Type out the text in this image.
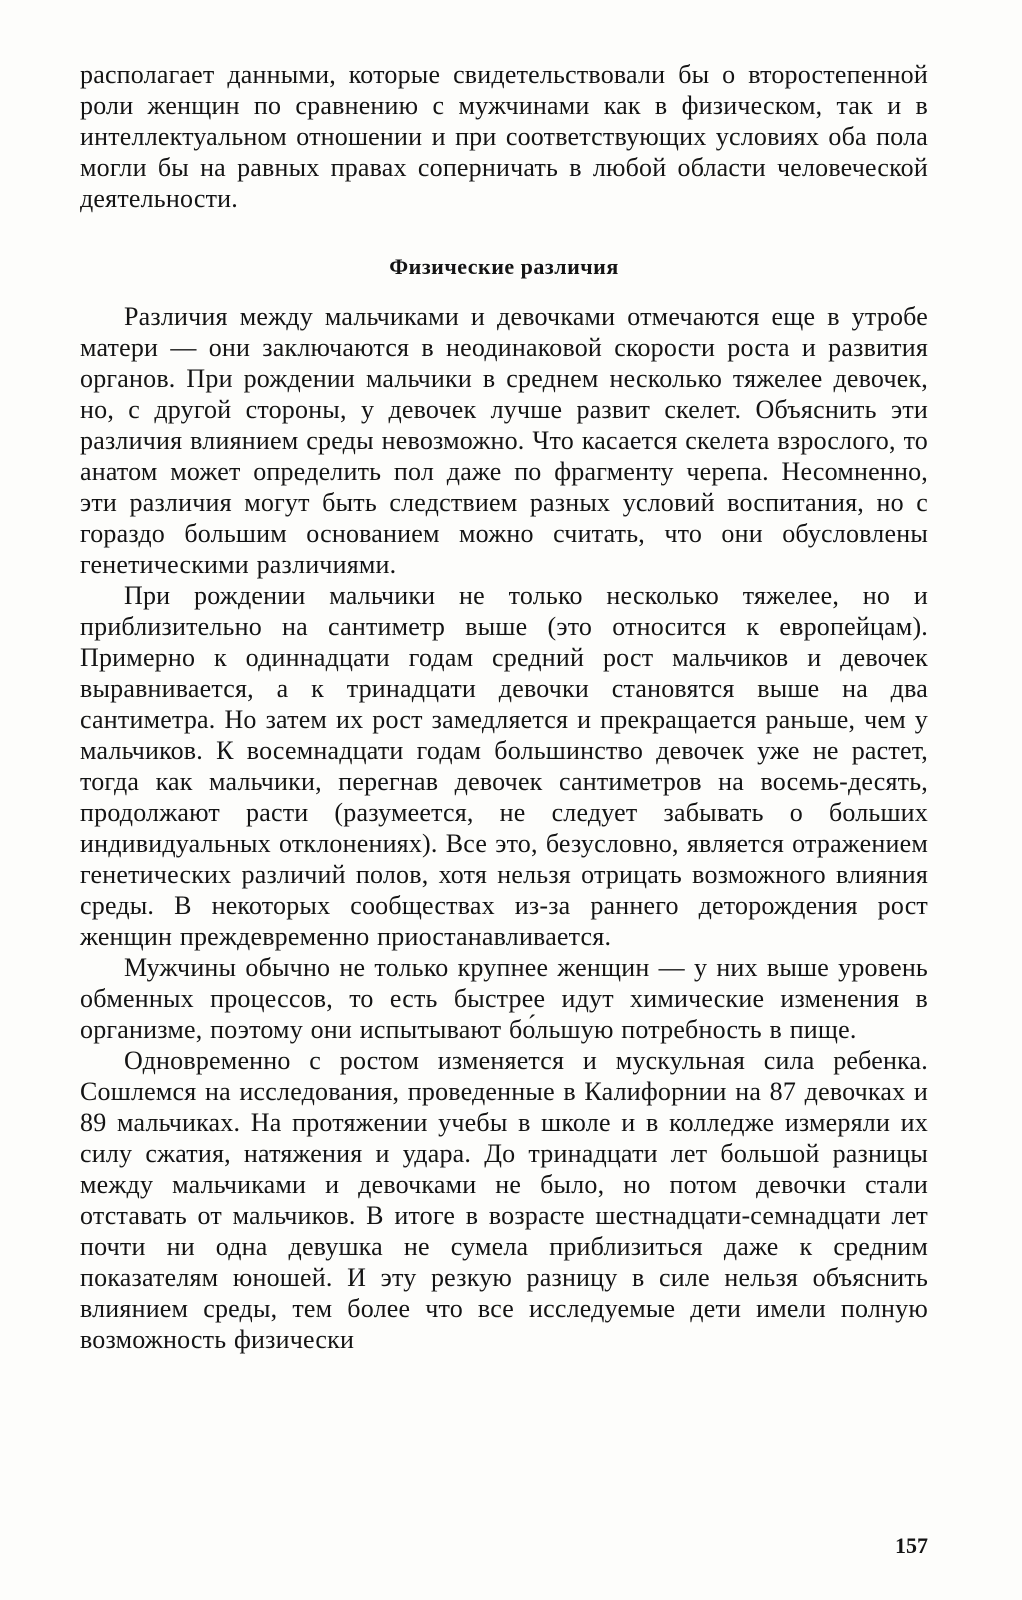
располагает данными, которые свидетельствовали бы о второстепенной роли женщин по сравнению с мужчинами как в физическом, так и в интеллектуальном отношении и при соответствующих условиях оба пола могли бы на равных правах соперничать в любой области человеческой деятельности.

Физические различия

Различия между мальчиками и девочками отмечаются еще в утробе матери — они заключаются в неодинаковой скорости роста и развития органов. При рождении мальчики в среднем несколько тяжелее девочек, но, с другой стороны, у девочек лучше развит скелет. Объяснить эти различия влиянием среды невозможно. Что касается скелета взрослого, то анатом может определить пол даже по фрагменту черепа. Несомненно, эти различия могут быть следствием разных условий воспитания, но с гораздо большим основанием можно считать, что они обусловлены генетическими различиями.

При рождении мальчики не только несколько тяжелее, но и приблизительно на сантиметр выше (это относится к европейцам). Примерно к одиннадцати годам средний рост мальчиков и девочек выравнивается, а к тринадцати девочки становятся выше на два сантиметра. Но затем их рост замедляется и прекращается раньше, чем у мальчиков. К восемнадцати годам большинство девочек уже не растет, тогда как мальчики, перегнав девочек сантиметров на восемь-десять, продолжают расти (разумеется, не следует забывать о больших индивидуальных отклонениях). Все это, безусловно, является отражением генетических различий полов, хотя нельзя отрицать возможного влияния среды. В некоторых сообществах из-за раннего деторождения рост женщин преждевременно приостанавливается.

Мужчины обычно не только крупнее женщин — у них выше уровень обменных процессов, то есть быстрее идут химические изменения в организме, поэтому они испытывают бо́льшую потребность в пище.

Одновременно с ростом изменяется и мускульная сила ребенка. Сошлемся на исследования, проведенные в Калифорнии на 87 девочках и 89 мальчиках. На протяжении учебы в школе и в колледже измеряли их силу сжатия, натяжения и удара. До тринадцати лет большой разницы между мальчиками и девочками не было, но потом девочки стали отставать от мальчиков. В итоге в возрасте шестнадцати-семнадцати лет почти ни одна девушка не сумела приблизиться даже к средним показателям юношей. И эту резкую разницу в силе нельзя объяснить влиянием среды, тем более что все исследуемые дети имели полную возможность физически

157
